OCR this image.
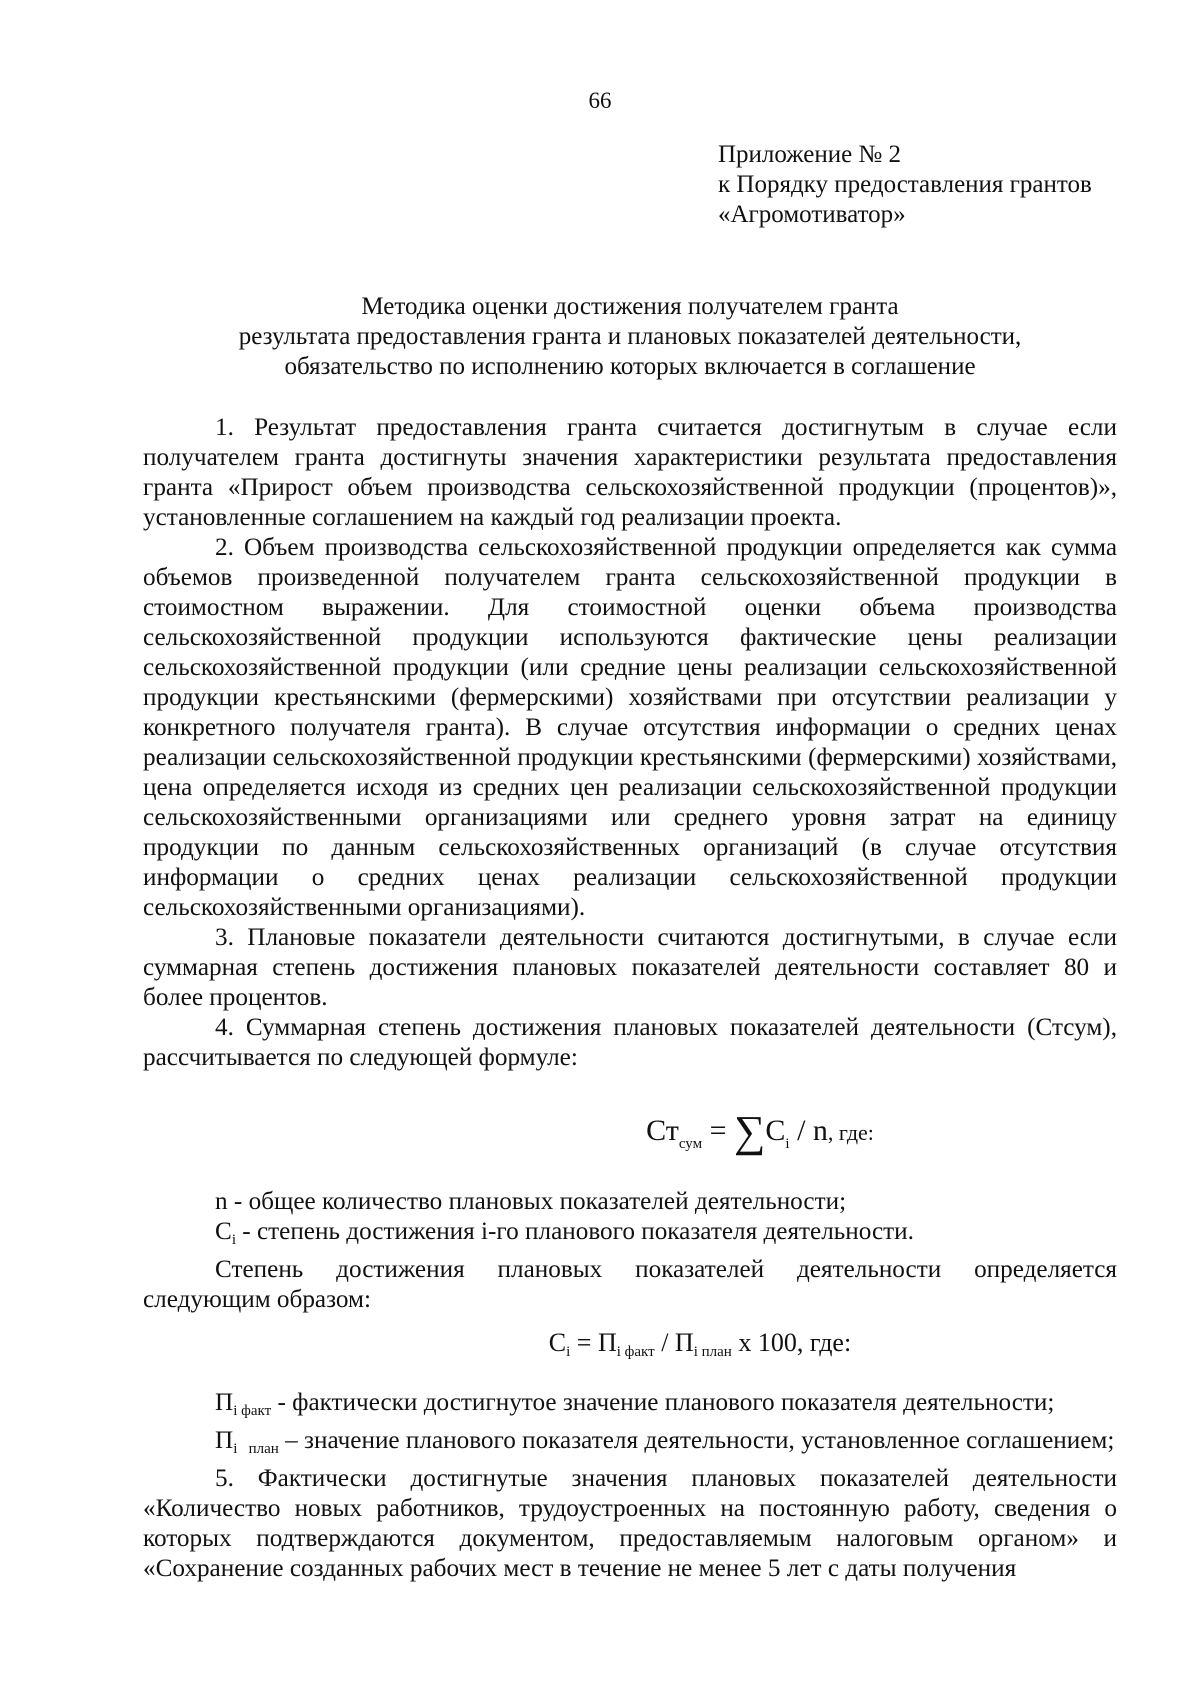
66
Приложение № 2
к Порядку предоставления грантов
«Агромотиватор»
Методика оценки достижения получателем гранта
результата предоставления гранта и плановых показателей деятельности,
обязательство по исполнению которых включается в соглашение

1. Результат предоставления гранта считается достигнутым в случае если получателем гранта достигнуты значения характеристики результата предоставления гранта «Прирост объем производства сельскохозяйственной продукции (процентов)», установленные соглашением на каждый год реализации проекта.

2. Объем производства сельскохозяйственной продукции определяется как сумма объемов произведенной получателем гранта сельскохозяйственной продукции в стоимостном выражении. Для стоимостной оценки объема производства сельскохозяйственной продукции используются фактические цены реализации сельскохозяйственной продукции (или средние цены реализации сельскохозяйственной продукции крестьянскими (фермерскими) хозяйствами при отсутствии реализации у конкретного получателя гранта). В случае отсутствия информации о средних ценах реализации сельскохозяйственной продукции крестьянскими (фермерскими) хозяйствами, цена определяется исходя из средних цен реализации сельскохозяйственной продукции сельскохозяйственными организациями или среднего уровня затрат на единицу продукции по данным сельскохозяйственных организаций (в случае отсутствия информации о средних ценах реализации сельскохозяйственной продукции сельскохозяйственными организациями).

3. Плановые показатели деятельности считаются достигнутыми, в случае если суммарная степень достижения плановых показателей деятельности составляет 80 и более процентов.

4. Суммарная степень достижения плановых показателей деятельности (Стсум), рассчитывается по следующей формуле:

$Ст_{сум} = \sum C_i / n$, где:

n - общее количество плановых показателей деятельности;

Ci - степень достижения i-го планового показателя деятельности.

Степень достижения плановых показателей деятельности определяется следующим образом:

Ci = Пi факт / Пi план x 100, где:

Пi факт - фактически достигнутое значение планового показателя деятельности;

Пi   план – значение планового показателя деятельности, установленное соглашением;

5. Фактически достигнутые значения плановых показателей деятельности «Количество новых работников, трудоустроенных на постоянную работу, сведения о которых подтверждаются документом, предоставляемым налоговым органом» и «Сохранение созданных рабочих мест в течение не менее 5 лет с даты получения
